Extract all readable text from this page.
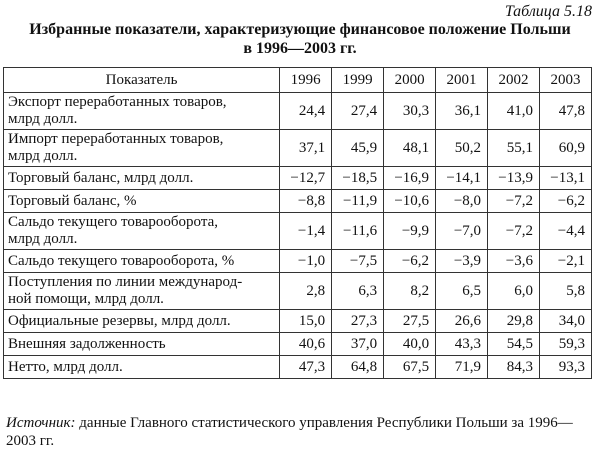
Таблица 5.18
Избранные показатели, характеризующие финансовое положение Польши
в 1996—2003 гг.
Показатель	1996	1999	2000	2001	2002	2003
Экспорт переработанных товаров,
млрд долл.	24,4	27,4	30,3	36,1	41,0	47,8
Импорт переработанных товаров,
млрд долл.	37,1	45,9	48,1	50,2	55,1	60,9
Торговый баланс, млрд долл.	−12,7	−18,5	−16,9	−14,1	−13,9	−13,1
Торговый баланс, %	−8,8	−11,9	−10,6	−8,0	−7,2	−6,2
Сальдо текущего товарооборота,
млрд долл.	−1,4	−11,6	−9,9	−7,0	−7,2	−4,4
Сальдо текущего товарооборота, %	−1,0	−7,5	−6,2	−3,9	−3,6	−2,1
Поступления по линии международ-
ной помощи, млрд долл.	2,8	6,3	8,2	6,5	6,0	5,8
Официальные резервы, млрд долл.	15,0	27,3	27,5	26,6	29,8	34,0
Внешняя задолженность	40,6	37,0	40,0	43,3	54,5	59,3
Нетто, млрд долл.	47,3	64,8	67,5	71,9	84,3	93,3
Источник: данные Главного статистического управления Республики Польши за 1996—2003 гг.
